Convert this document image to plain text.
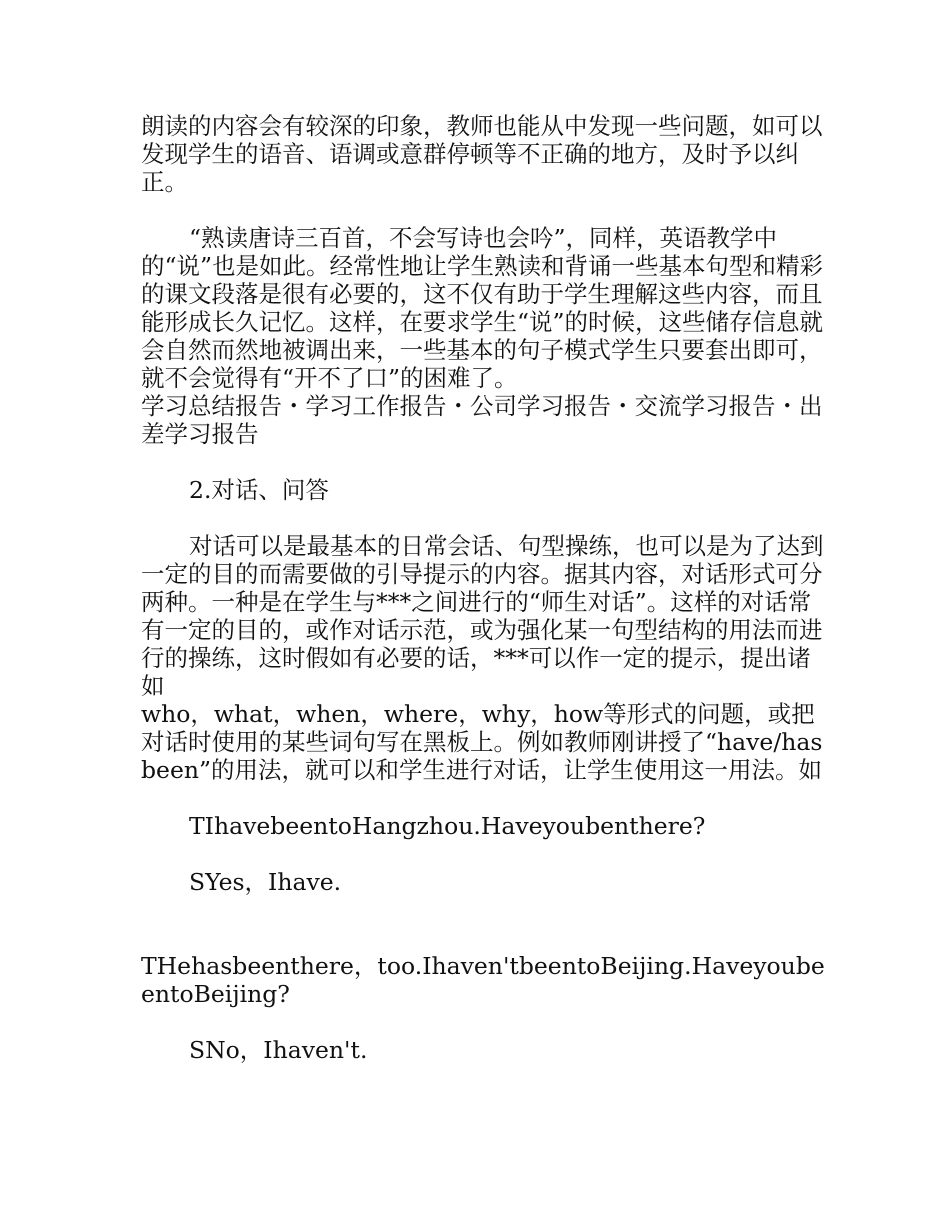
朗读的内容会有较深的印象，教师也能从中发现一些问题，如可以发现学生的语音、语调或意群停顿等不正确的地方，及时予以纠正。

“熟读唐诗三百首，不会写诗也会吟”，同样，英语教学中的“说”也是如此。经常性地让学生熟读和背诵一些基本句型和精彩的课文段落是很有必要的，这不仅有助于学生理解这些内容，而且能形成长久记忆。这样，在要求学生“说”的时候，这些储存信息就会自然而然地被调出来，一些基本的句子模式学生只要套出即可，就不会觉得有“开不了口”的困难了。

学习总结报告・学习工作报告・公司学习报告・交流学习报告・出差学习报告

2.对话、问答

对话可以是最基本的日常会话、句型操练，也可以是为了达到一定的目的而需要做的引导提示的内容。据其内容，对话形式可分两种。一种是在学生与***之间进行的“师生对话”。这样的对话常有一定的目的，或作对话示范，或为强化某一句型结构的用法而进行的操练，这时假如有必要的话，***可以作一定的提示，提出诸如

who，what，when，where，why，how等形式的问题，或把对话时使用的某些词句写在黑板上。例如教师刚讲授了“have/hasbeen”的用法，就可以和学生进行对话，让学生使用这一用法。如

TIhavebeentoHangzhou.Haveyoubenthere?

SYes，Ihave.

THehasbeenthere，too.Ihaven'tbeentoBeijing.HaveyoubeentoBeijing?

SNo，Ihaven't.
